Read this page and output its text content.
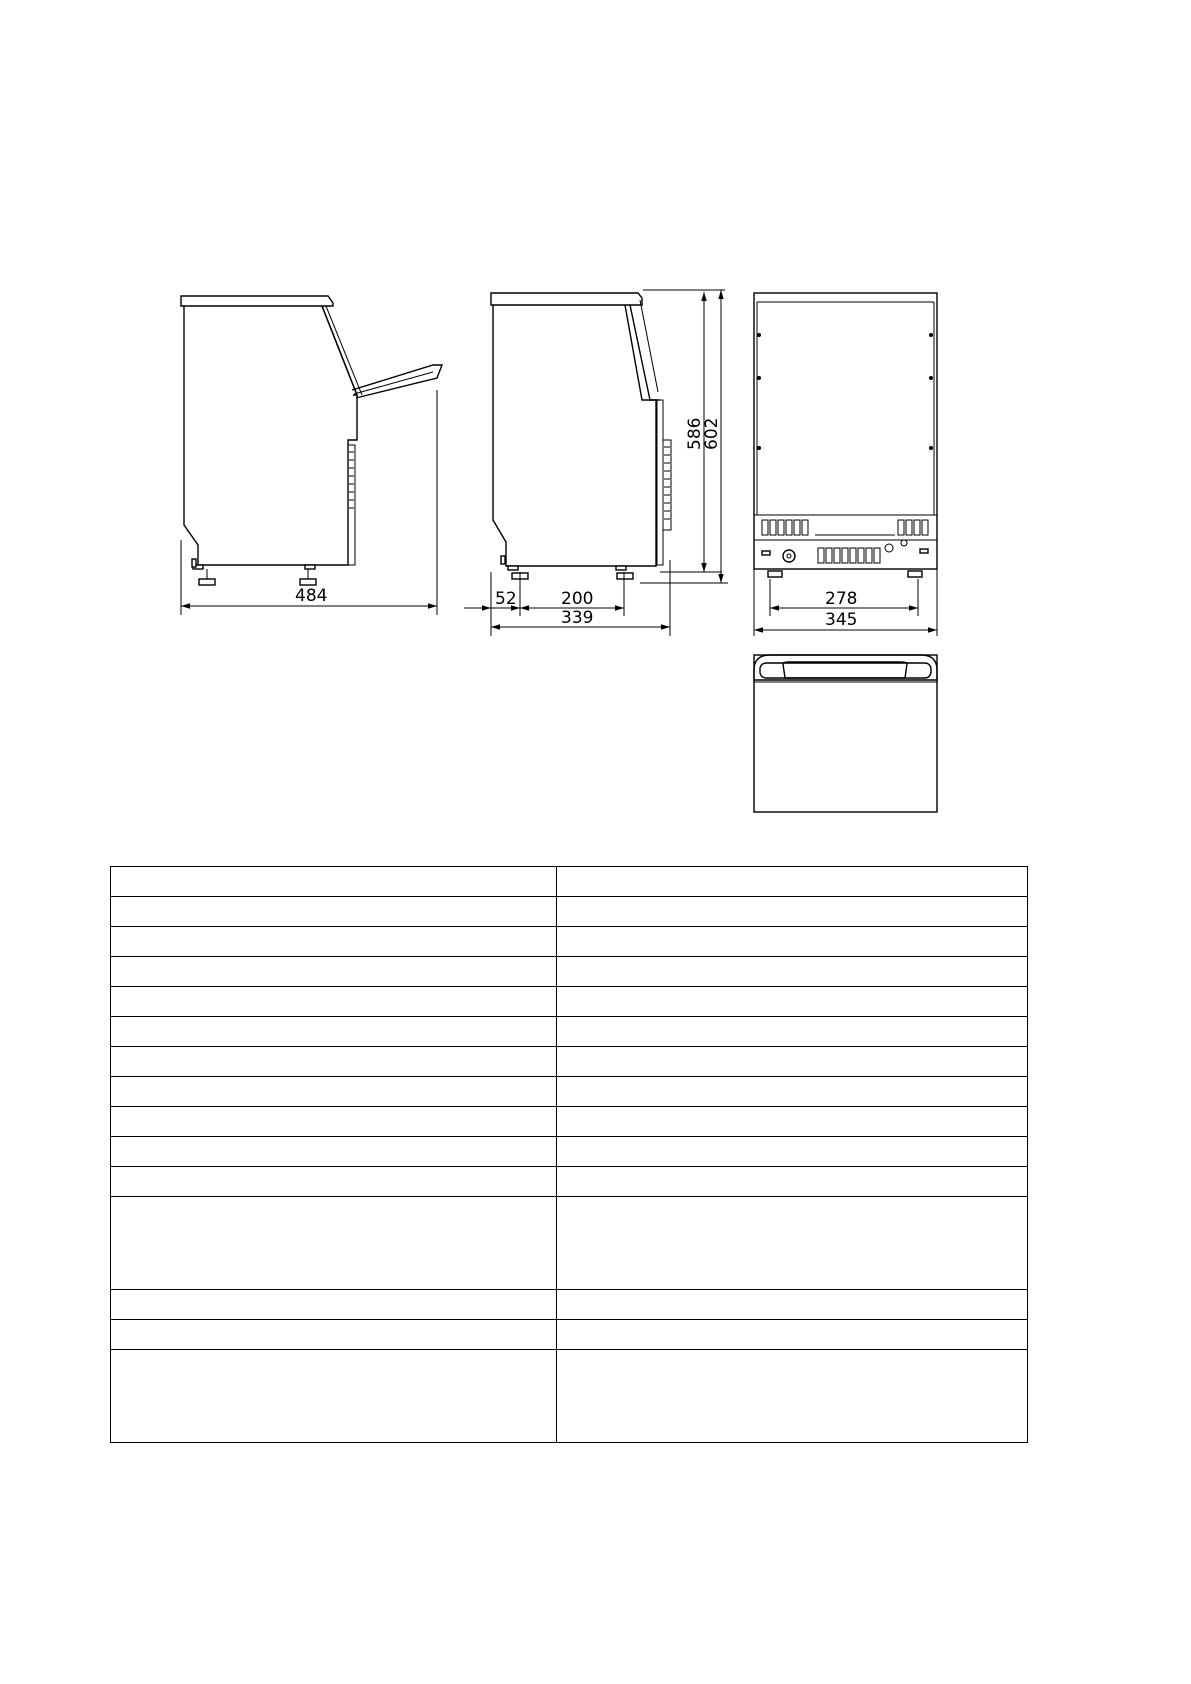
484
586
602
52	200
339
278
345
